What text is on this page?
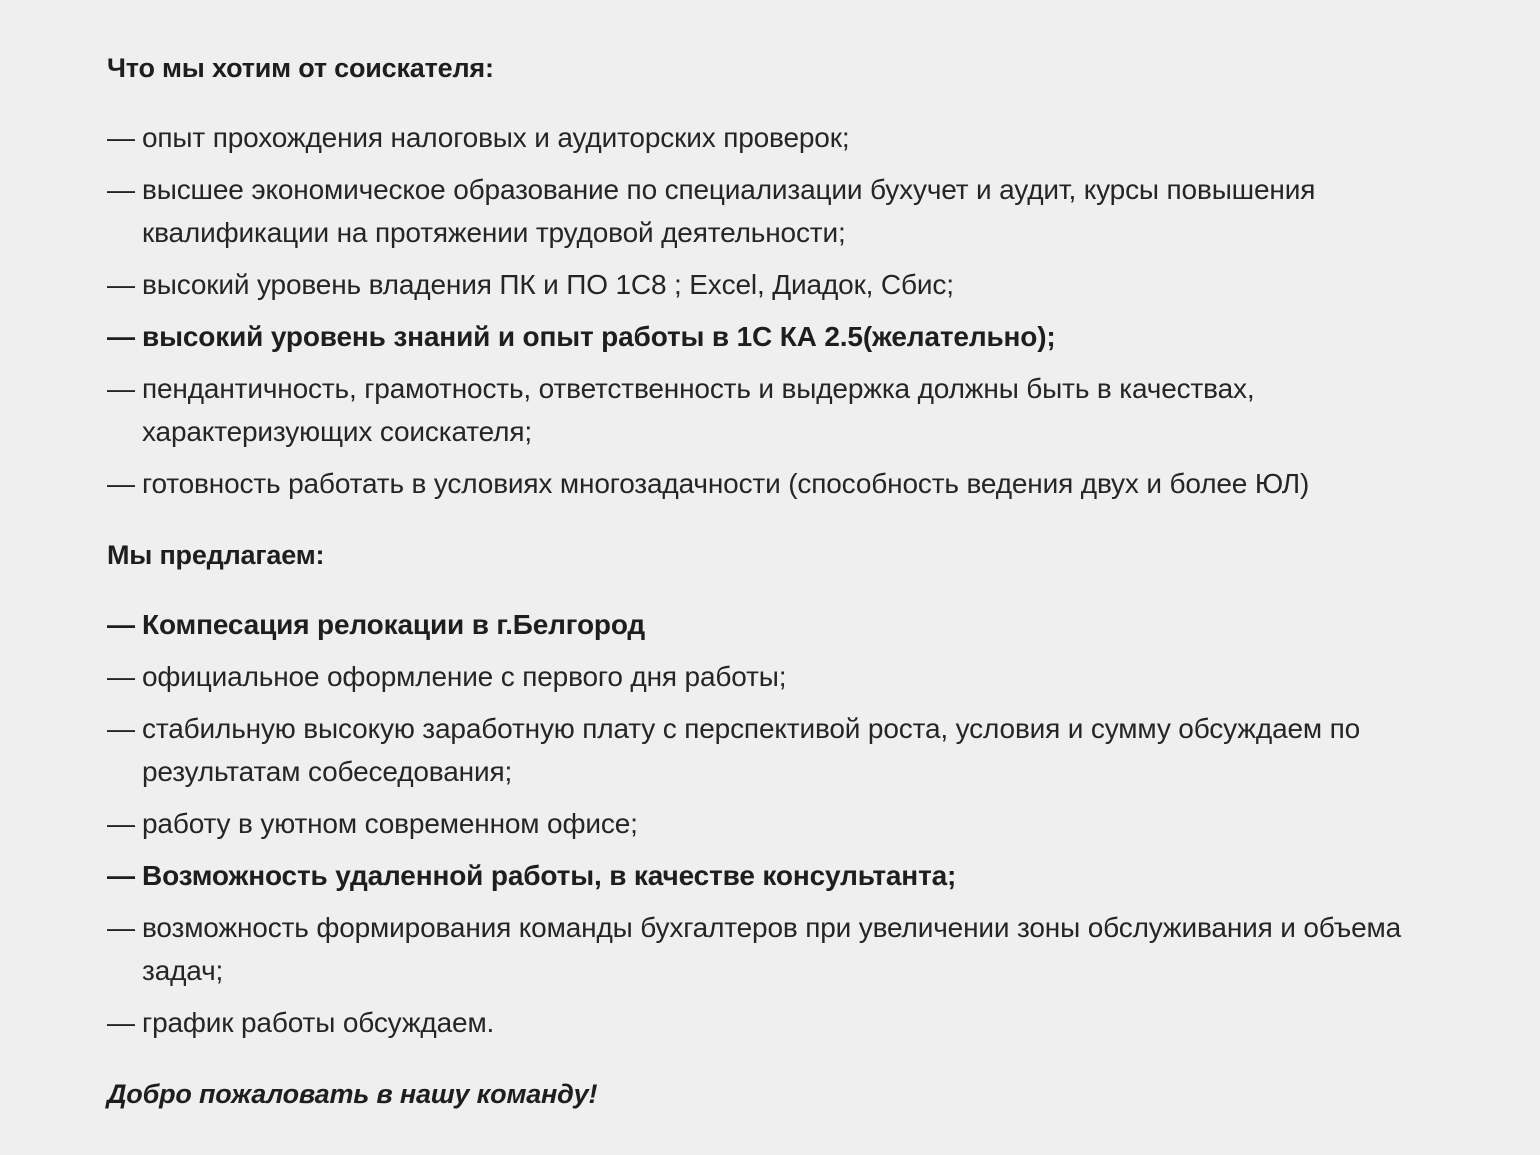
Что мы хотим от соискателя:
— опыт прохождения налоговых и аудиторских проверок;
— высшее экономическое образование по специализации бухучет и аудит, курсы повышения квалификации на протяжении трудовой деятельности;
— высокий уровень владения ПК и ПО 1С8 ; Excel, Диадок, Сбис;
— высокий уровень знаний и опыт работы в 1С КА 2.5(желательно);
— пендантичность, грамотность, ответственность и выдержка должны быть в качествах, характеризующих соискателя;
— готовность работать в условиях многозадачности (способность ведения двух и более ЮЛ)
Мы предлагаем:
— Компесация релокации в г.Белгород
— официальное оформление с первого дня работы;
— стабильную высокую заработную плату с перспективой роста, условия и сумму обсуждаем по результатам собеседования;
— работу в уютном современном офисе;
— Возможность удаленной работы, в качестве консультанта;
— возможность формирования команды бухгалтеров при увеличении зоны обслуживания и объема задач;
— график работы обсуждаем.
Добро пожаловать в нашу команду!
